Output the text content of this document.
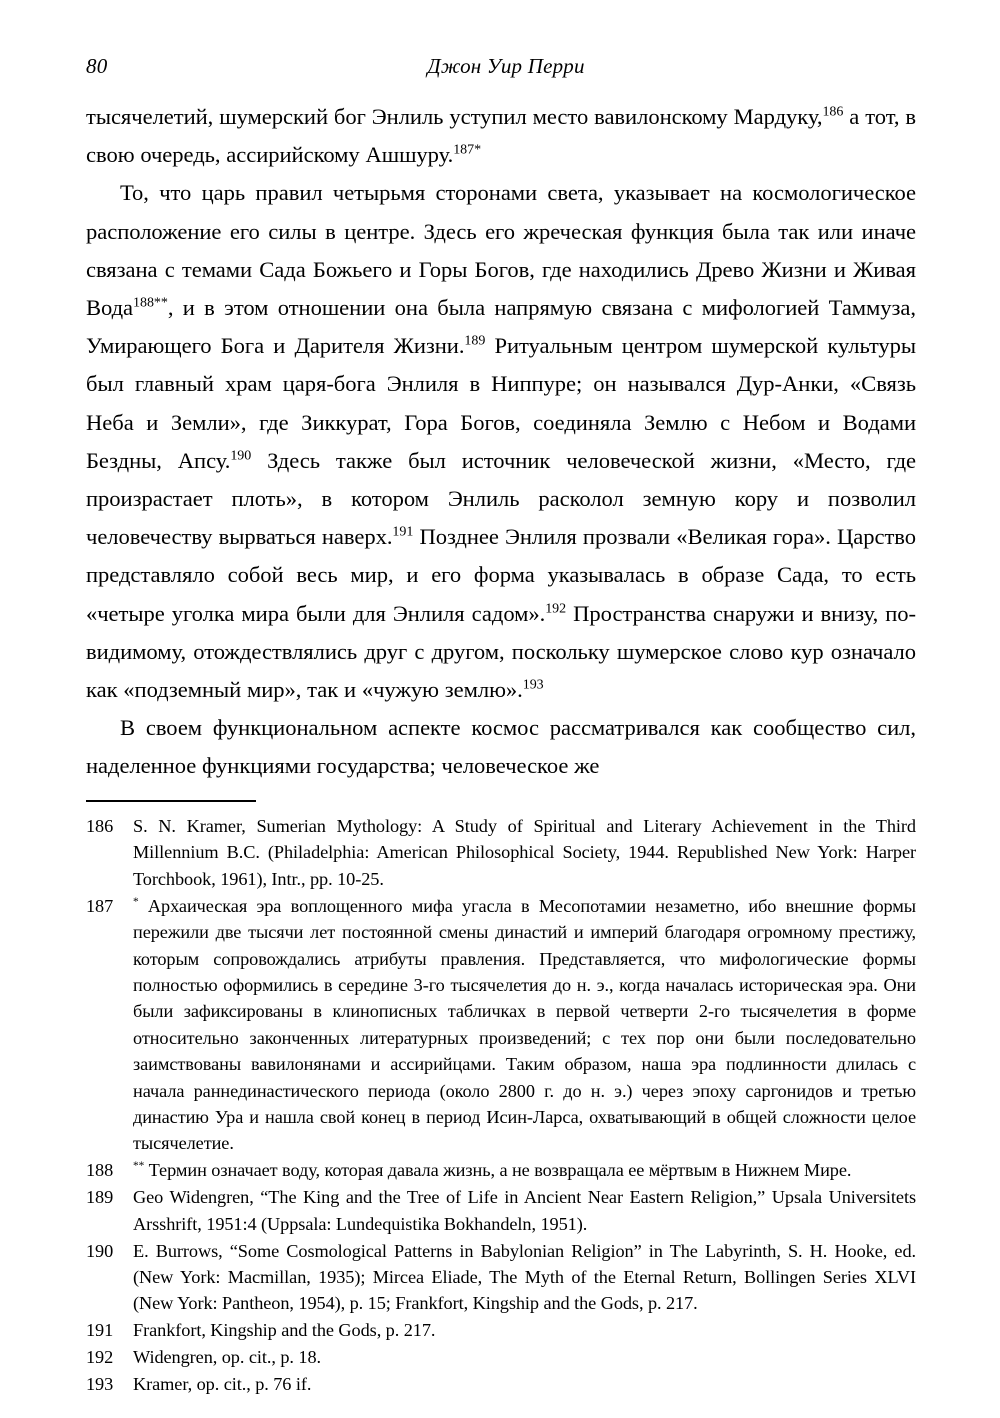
80	Джон Уир Перри

тысячелетий, шумерский бог Энлиль уступил место вавилонскому Мардуку,$^{186}$ а тот, в свою очередь, ассирийскому Ашшуру.$^{187*}$

То, что царь правил четырьмя сторонами света, указывает на космологическое расположение его силы в центре. Здесь его жреческая функция была так или иначе связана с темами Сада Божьего и Горы Богов, где находились Древо Жизни и Живая Вода$^{188**}$, и в этом отношении она была напрямую связана с мифологией Таммуза, Умирающего Бога и Дарителя Жизни.$^{189}$ Ритуальным центром шумерской культуры был главный храм царя-бога Энлиля в Ниппуре; он назывался Дур-Анки, «Связь Неба и Земли», где Зиккурат, Гора Богов, соединяла Землю с Небом и Водами Бездны, Апсу.$^{190}$ Здесь также был источник человеческой жизни, «Место, где произрастает плоть», в котором Энлиль расколол земную кору и позволил человечеству вырваться наверх.$^{191}$ Позднее Энлиля прозвали «Великая гора». Царство представляло собой весь мир, и его форма указывалась в образе Сада, то есть «четыре уголка мира были для Энлиля садом».$^{192}$ Пространства снаружи и внизу, по-видимому, отождествлялись друг с другом, поскольку шумерское слово кур означало как «подземный мир», так и «чужую землю».$^{193}$

В своем функциональном аспекте космос рассматривался как сообщество сил, наделенное функциями государства; человеческое же

186	S. N. Kramer, Sumerian Mythology: A Study of Spiritual and Literary Achievement in the Third Millennium B.C. (Philadelphia: American Philosophical Society, 1944. Republished New York: Harper Torchbook, 1961), Intr., pp. 10-25.
187	* Архаическая эра воплощенного мифа угасла в Месопотамии незаметно, ибо внешние формы пережили две тысячи лет постоянной смены династий и империй благодаря огромному престижу, которым сопровождались атрибуты правления. Представляется, что мифологические формы полностью оформились в середине 3-го тысячелетия до н. э., когда началась историческая эра. Они были зафиксированы в клинописных табличках в первой четверти 2-го тысячелетия в форме относительно законченных литературных произведений; с тех пор они были последовательно заимствованы вавилонянами и ассирийцами. Таким образом, наша эра подлинности длилась с начала раннединастического периода (около 2800 г. до н. э.) через эпоху саргонидов и третью династию Ура и нашла свой конец в период Исин-Ларса, охватывающий в общей сложности целое тысячелетие.
188	** Термин означает воду, которая давала жизнь, а не возвращала ее мёртвым в Нижнем Мире.
189	Geo Widengren, “The King and the Tree of Life in Ancient Near Eastern Religion,” Upsala Universitets Arsshrift, 1951:4 (Uppsala: Lundequistika Bokhandeln, 1951).
190	E. Burrows, “Some Cosmological Patterns in Babylonian Religion” in The Labyrinth, S. H. Hooke, ed. (New York: Macmillan, 1935); Mircea Eliade, The Myth of the Eternal Return, Bollingen Series XLVI (New York: Pantheon, 1954), p. 15; Frankfort, Kingship and the Gods, p. 217.
191	Frankfort, Kingship and the Gods, p. 217.
192	Widengren, op. cit., p. 18.
193	Kramer, op. cit., p. 76 if.
